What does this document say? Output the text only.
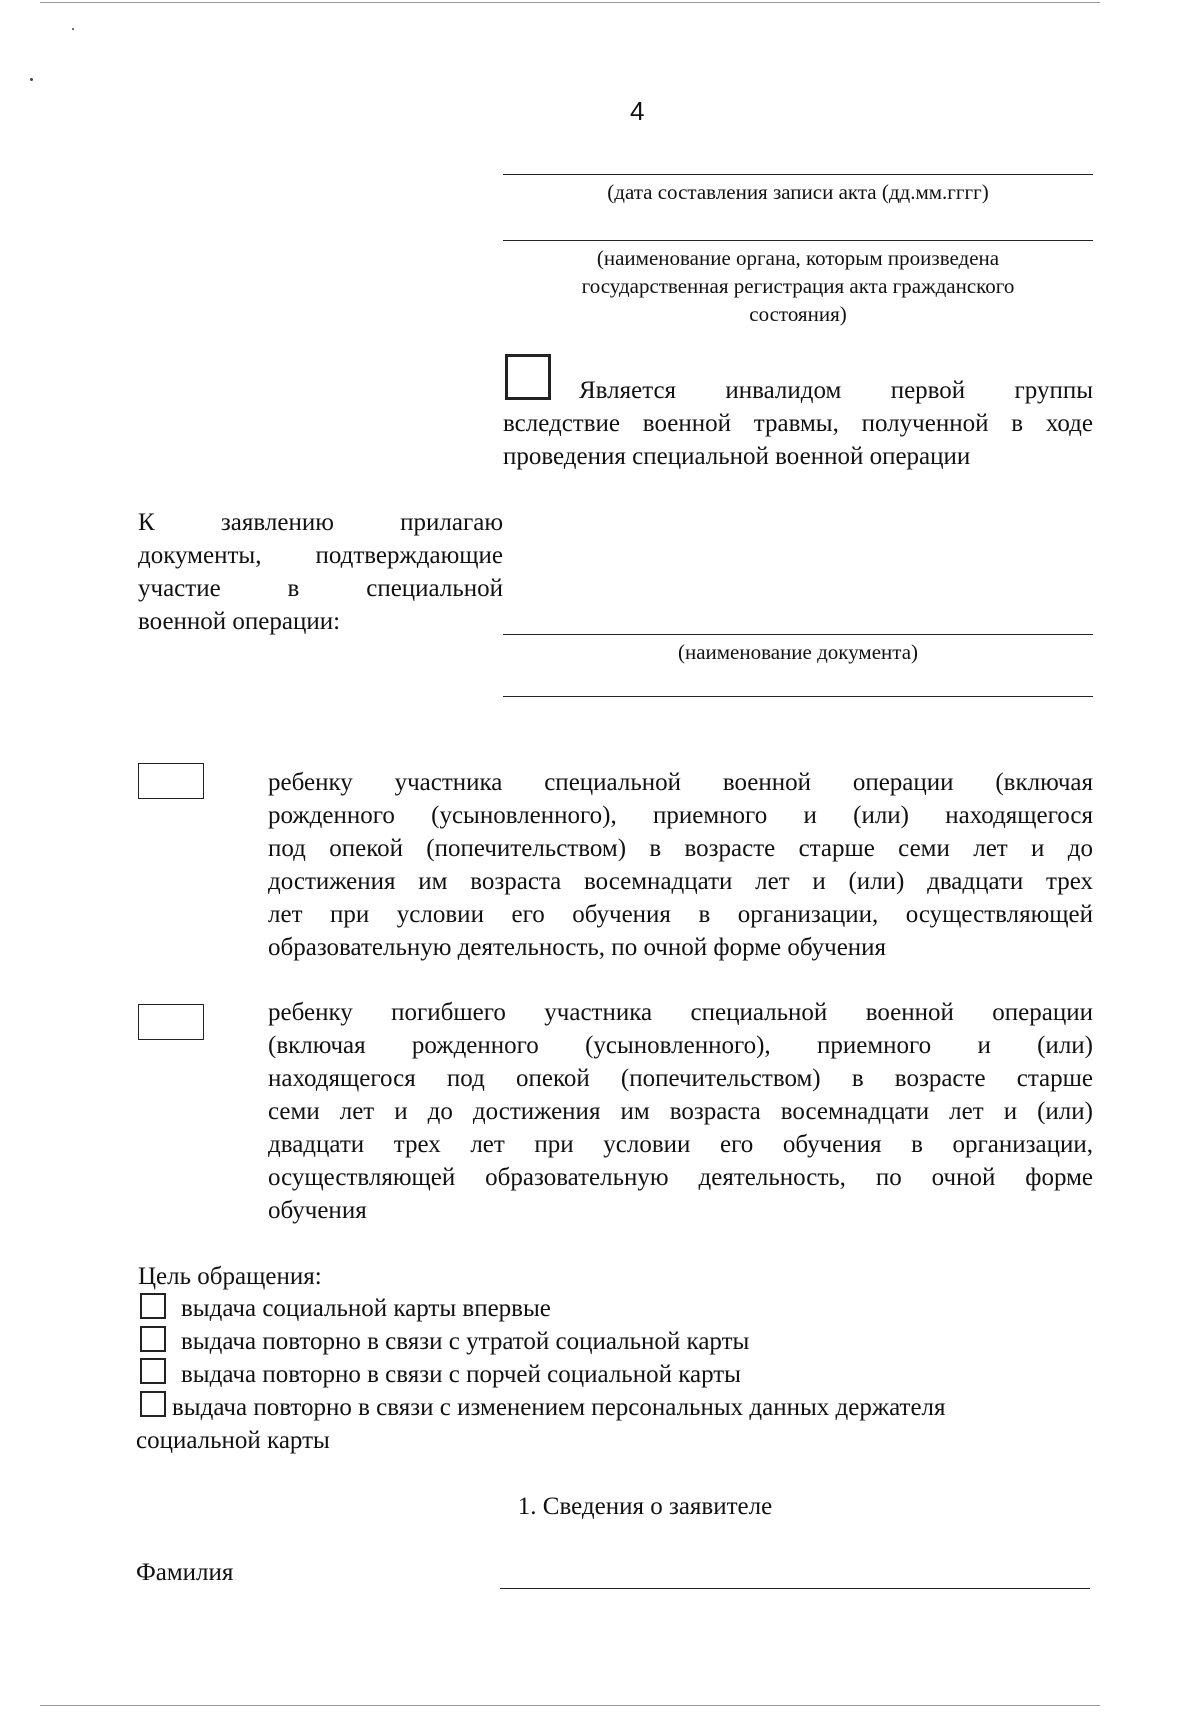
4
(дата составления записи акта (дд.мм.гггг)
(наименование органа, которым произведена
государственная регистрация акта гражданского
состояния)
Является инвалидом первой группы
вследствие военной травмы, полученной в ходе
проведения специальной военной операции
К заявлению прилагаю
документы, подтверждающие
участие в специальной
военной операции:
(наименование документа)
ребенку участника специальной военной операции (включая
рожденного (усыновленного), приемного и (или) находящегося
под опекой (попечительством) в возрасте старше семи лет и до
достижения им возраста восемнадцати лет и (или) двадцати трех
лет при условии его обучения в организации, осуществляющей
образовательную деятельность, по очной форме обучения
ребенку погибшего участника специальной военной операции
(включая рожденного (усыновленного), приемного и (или)
находящегося под опекой (попечительством) в возрасте старше
семи лет и до достижения им возраста восемнадцати лет и (или)
двадцати трех лет при условии его обучения в организации,
осуществляющей образовательную деятельность, по очной форме
обучения
Цель обращения:
выдача социальной карты впервые
выдача повторно в связи с утратой социальной карты
выдача повторно в связи с порчей социальной карты
выдача повторно в связи с изменением персональных данных держателя
социальной карты
1. Сведения о заявителе
Фамилия
